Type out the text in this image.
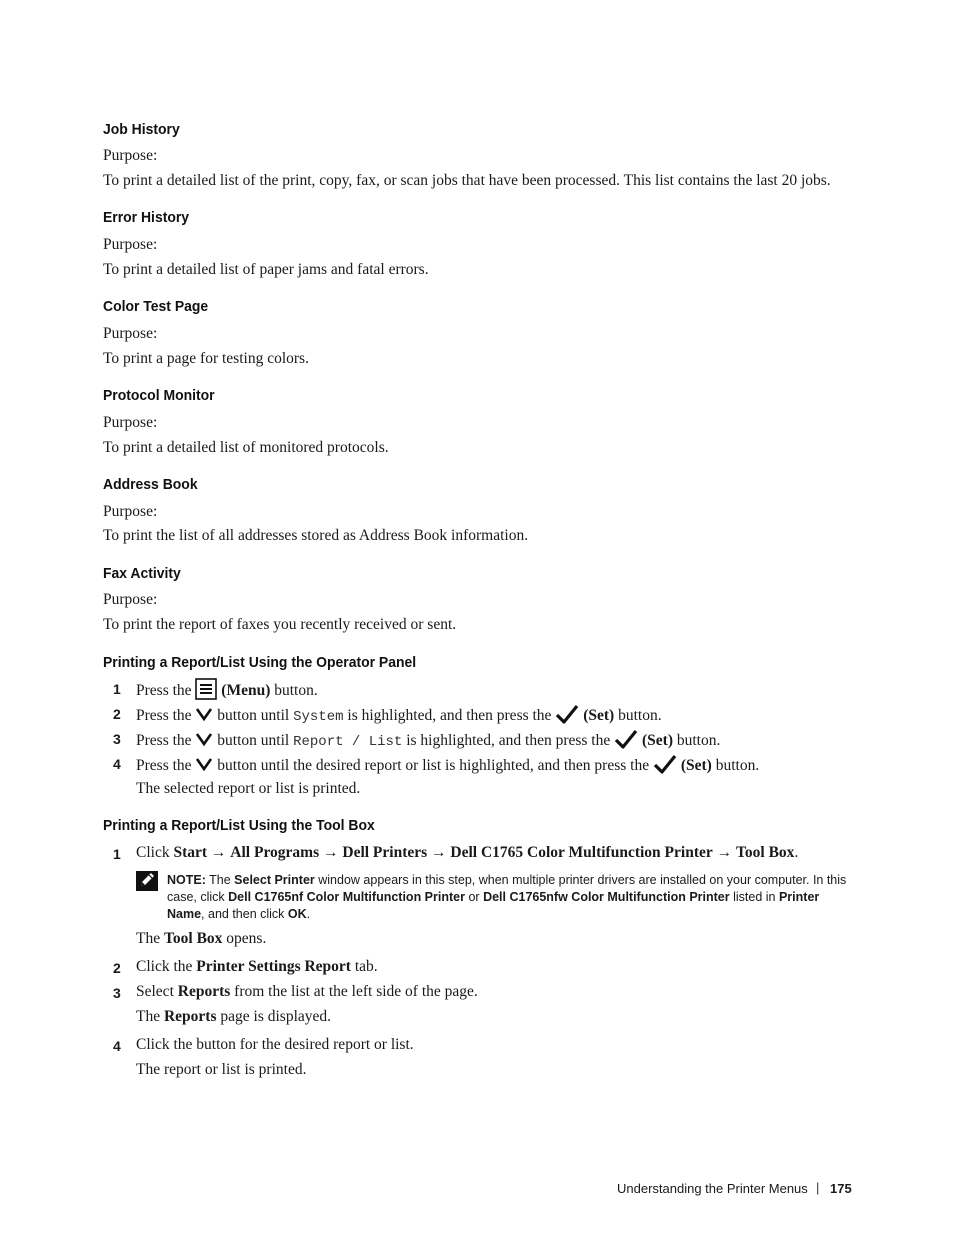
Job History
Purpose:
To print a detailed list of the print, copy, fax, or scan jobs that have been processed. This list contains the last 20 jobs.
Error History
Purpose:
To print a detailed list of paper jams and fatal errors.
Color Test Page
Purpose:
To print a page for testing colors.
Protocol Monitor
Purpose:
To print a detailed list of monitored protocols.
Address Book
Purpose:
To print the list of all addresses stored as Address Book information.
Fax Activity
Purpose:
To print the report of faxes you recently received or sent.
Printing a Report/List Using the Operator Panel
1 Press the (Menu) button.
2 Press the button until System is highlighted, and then press the (Set) button.
3 Press the button until Report / List is highlighted, and then press the (Set) button.
4 Press the button until the desired report or list is highlighted, and then press the (Set) button.
The selected report or list is printed.
Printing a Report/List Using the Tool Box
1 Click Start → All Programs → Dell Printers → Dell C1765 Color Multifunction Printer → Tool Box.
NOTE: The Select Printer window appears in this step, when multiple printer drivers are installed on your computer. In this case, click Dell C1765nf Color Multifunction Printer or Dell C1765nfw Color Multifunction Printer listed in Printer Name, and then click OK.
The Tool Box opens.
2 Click the Printer Settings Report tab.
3 Select Reports from the list at the left side of the page.
The Reports page is displayed.
4 Click the button for the desired report or list.
The report or list is printed.
Understanding the Printer Menus | 175
